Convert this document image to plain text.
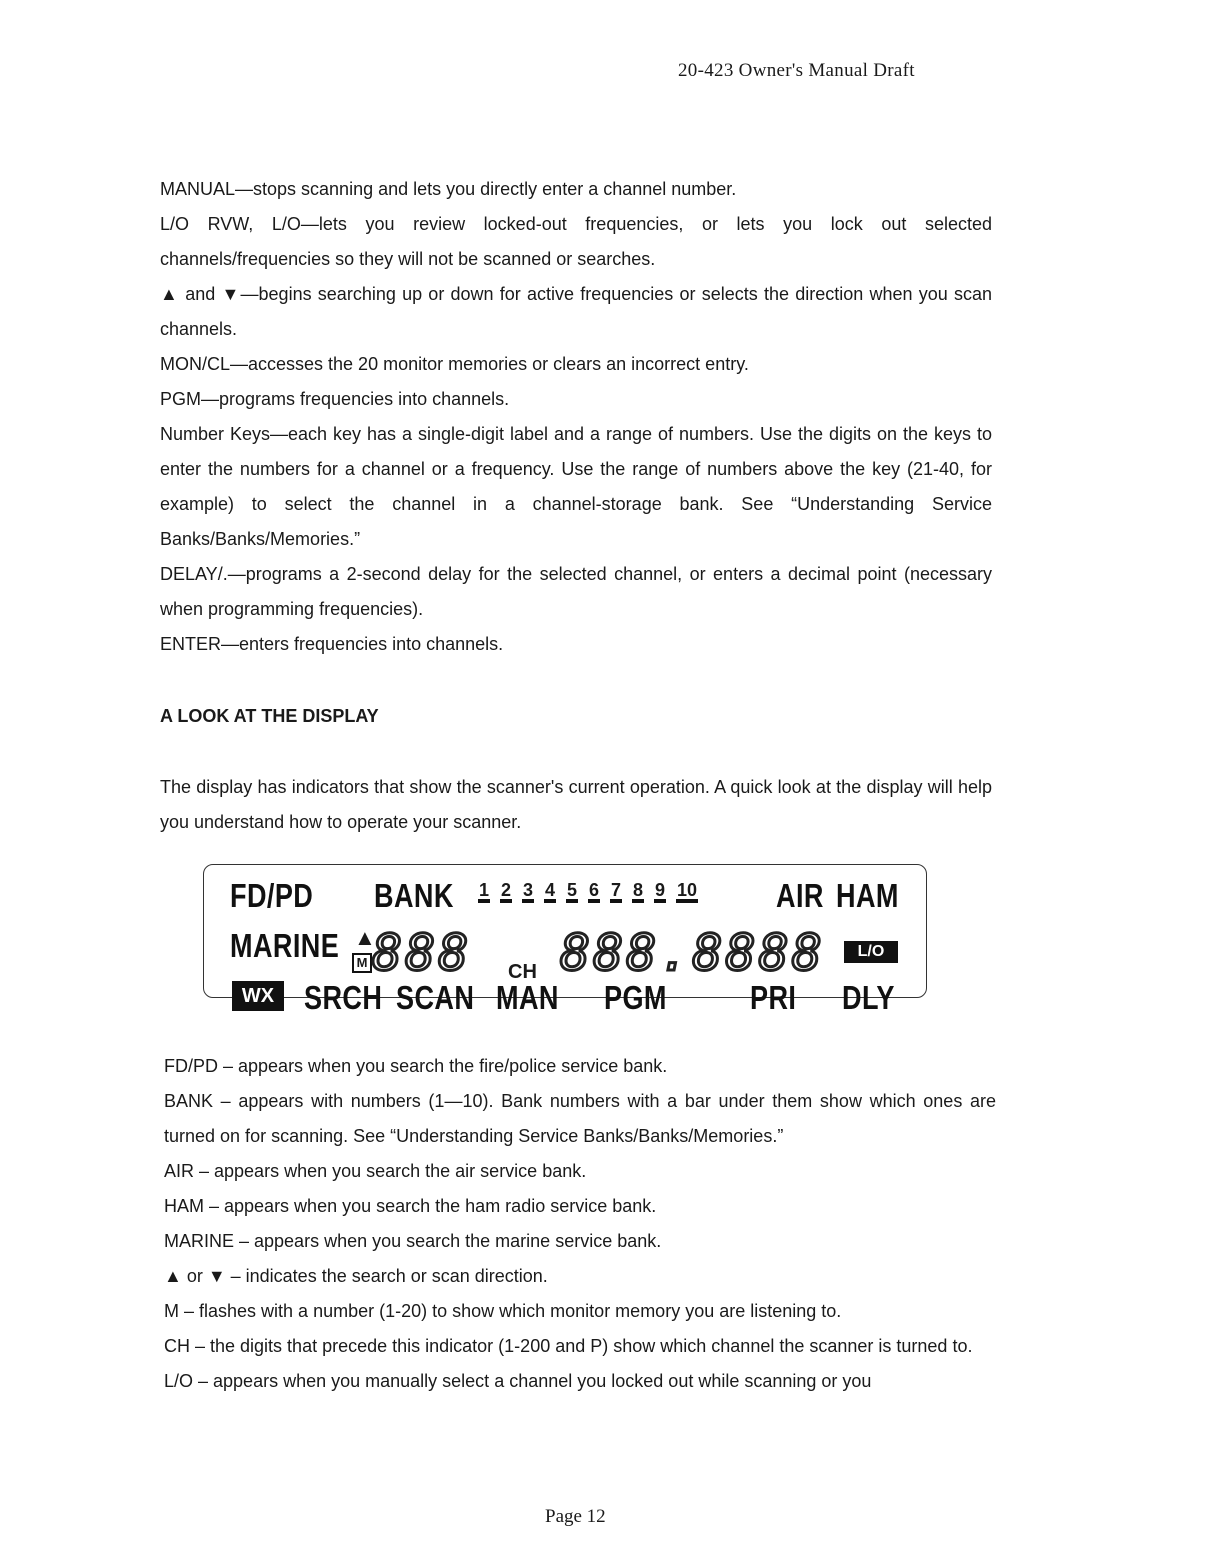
20-423 Owner's Manual Draft

MANUAL—stops scanning and lets you directly enter a channel number.

L/O RVW, L/O—lets you review locked-out frequencies, or lets you lock out selected channels/frequencies so they will not be scanned or searches.

▲ and ▼—begins searching up or down for active frequencies or selects the direction when you scan channels.

MON/CL—accesses the 20 monitor memories or clears an incorrect entry.

PGM—programs frequencies into channels.

Number Keys—each key has a single-digit label and a range of numbers. Use the digits on the keys to enter the numbers for a channel or a frequency. Use the range of numbers above the key (21-40, for example) to select the channel in a channel-storage bank. See “Understanding Service Banks/Banks/Memories.”

DELAY/.—programs a 2-second delay for the selected channel, or enters a decimal point (necessary when programming frequencies).

ENTER—enters frequencies into channels.

A LOOK AT THE DISPLAY

The display has indicators that show the scanner's current operation. A quick look at the display will help you understand how to operate your scanner.

FD/PD BANK 1 2 3 4 5 6 7 8 9 10 AIR HAM
MARINE ▲
M 888 CH 888.8888	L/O
WX SRCH SCAN MAN PGM	PRI DLY

FD/PD – appears when you search the fire/police service bank.

BANK – appears with numbers (1—10). Bank numbers with a bar under them show which ones are turned on for scanning. See “Understanding Service Banks/Banks/Memories.”

AIR – appears when you search the air service bank.

HAM – appears when you search the ham radio service bank.

MARINE – appears when you search the marine service bank.

▲ or ▼ – indicates the search or scan direction.

M – flashes with a number (1-20) to show which monitor memory you are listening to.

CH – the digits that precede this indicator (1-200 and P) show which channel the scanner is turned to.

L/O – appears when you manually select a channel you locked out while scanning or you

Page 12
